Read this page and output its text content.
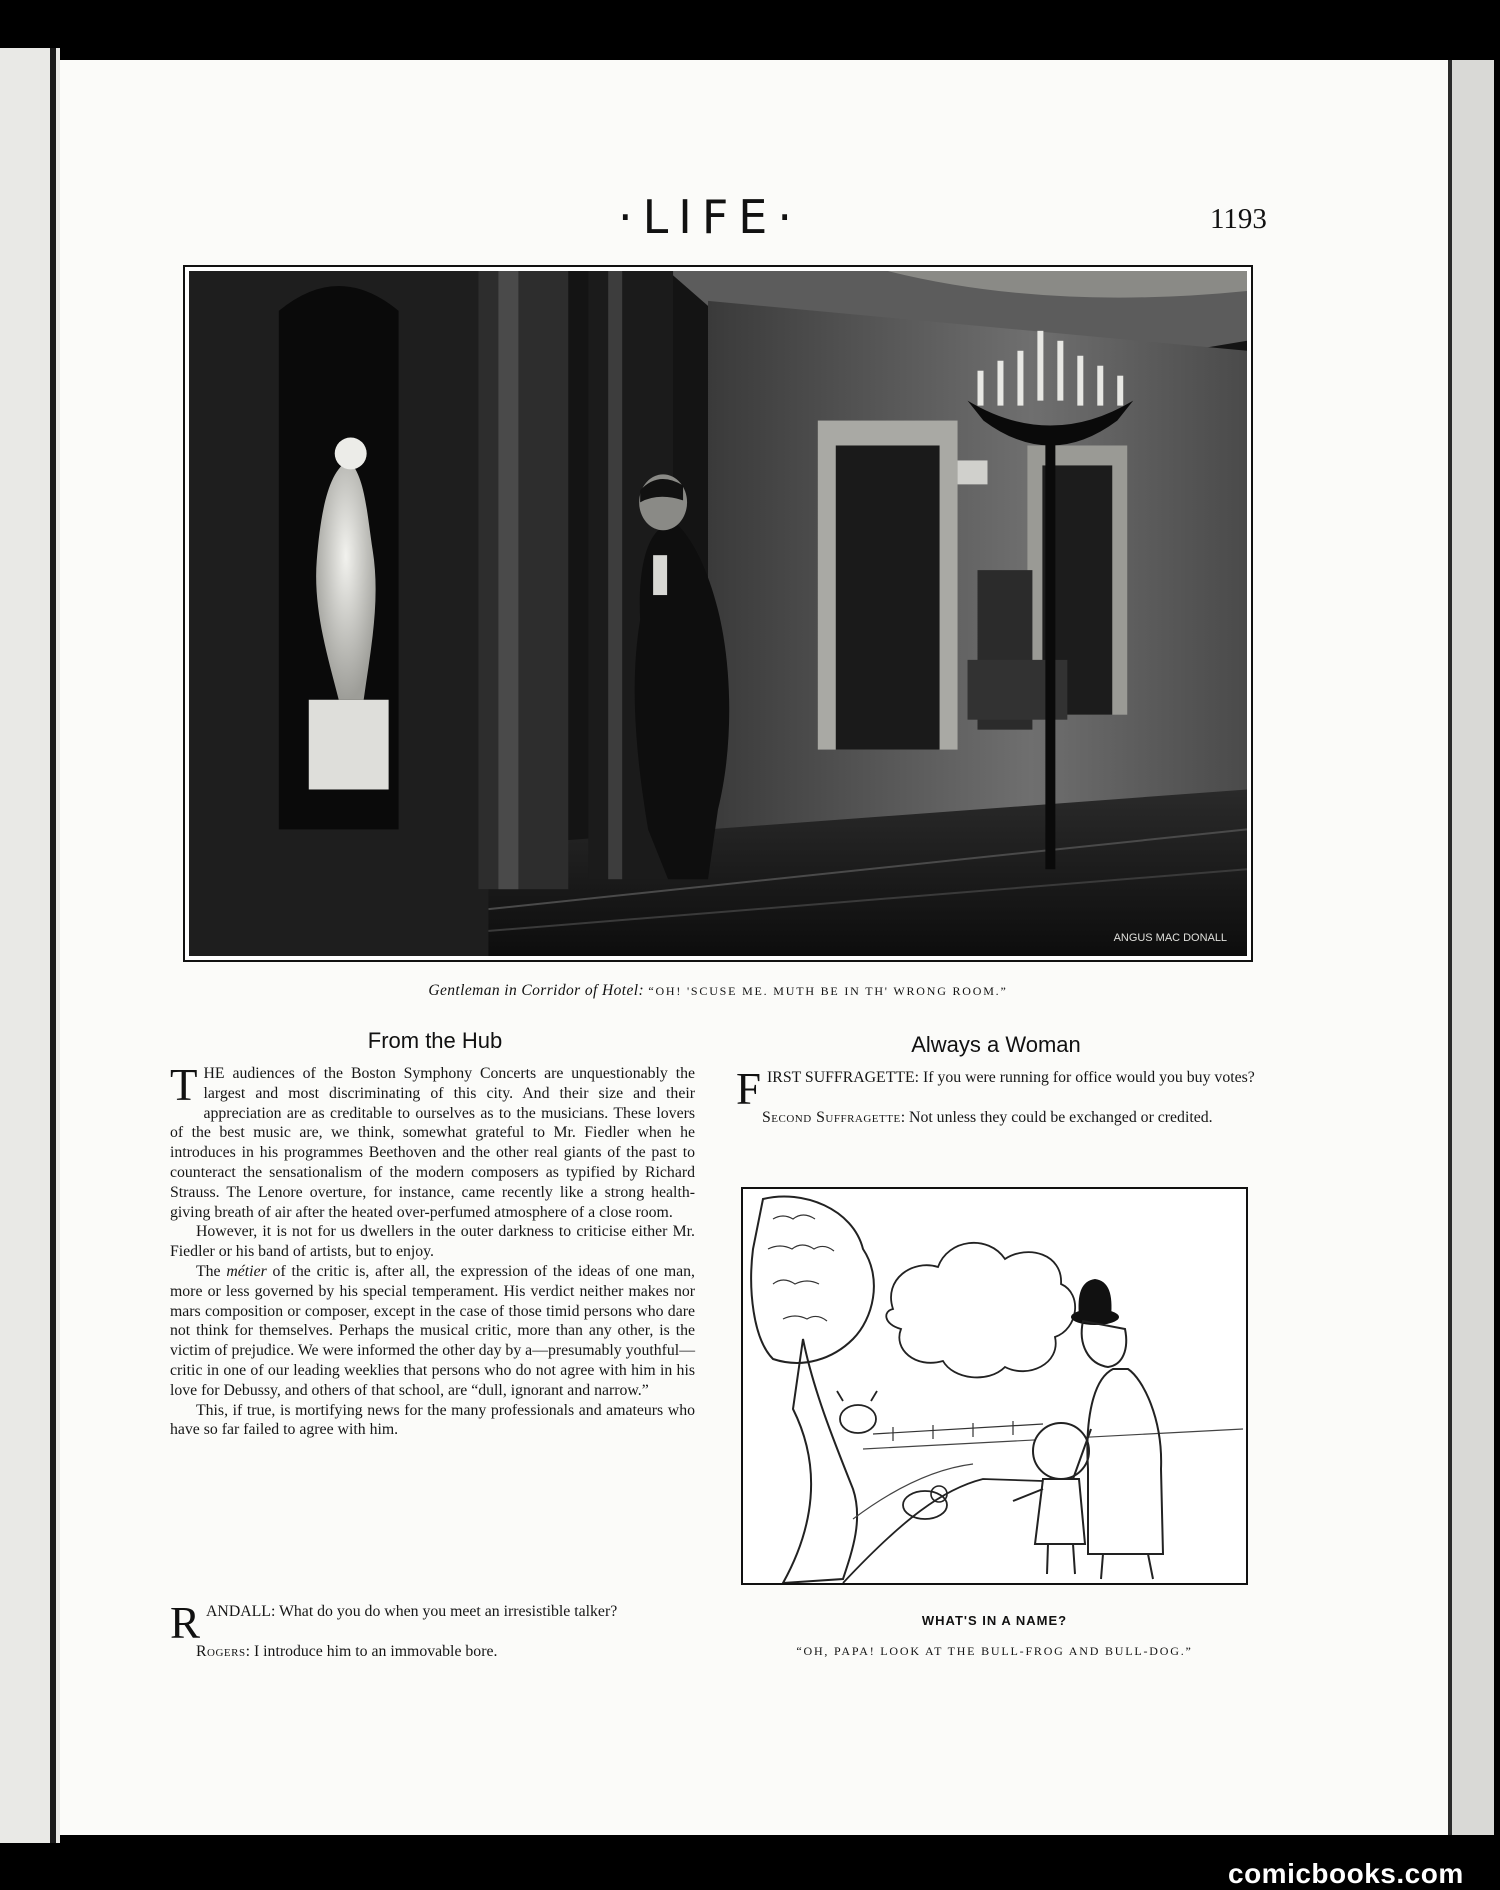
·LIFE·	1193
ANGUS MAC DONALL
Gentleman in Corridor of Hotel: “OH! 'SCUSE ME. MUTH BE IN TH' WRONG ROOM.”
From the Hub

THE audiences of the Boston Symphony Concerts are unquestionably the largest and most discriminating of this city. And their size and their appreciation are as creditable to ourselves as to the musicians. These lovers of the best music are, we think, somewhat grateful to Mr. Fiedler when he introduces in his programmes Beethoven and the other real giants of the past to counteract the sensationalism of the modern composers as typified by Richard Strauss. The Lenore overture, for instance, came recently like a strong health-giving breath of air after the heated over-perfumed atmosphere of a close room.

However, it is not for us dwellers in the outer darkness to criticise either Mr. Fiedler or his band of artists, but to enjoy.

The métier of the critic is, after all, the expression of the ideas of one man, more or less governed by his special temperament. His verdict neither makes nor mars composition or composer, except in the case of those timid persons who dare not think for themselves. Perhaps the musical critic, more than any other, is the victim of prejudice. We were informed the other day by a—presumably youthful—critic in one of our leading weeklies that persons who do not agree with him in his love for Debussy, and others of that school, are “dull, ignorant and narrow.”

This, if true, is mortifying news for the many professionals and amateurs who have so far failed to agree with him.

RANDALL: What do you do when you meet an irresistible talker?

Rogers: I introduce him to an immovable bore.

Always a Woman

FIRST SUFFRAGETTE: If you were running for office would you buy votes?

Second Suffragette: Not unless they could be exchanged or credited.

WHAT'S IN A NAME?
“OH, PAPA! LOOK AT THE BULL-FROG AND BULL-DOG.”
comicbooks.com
